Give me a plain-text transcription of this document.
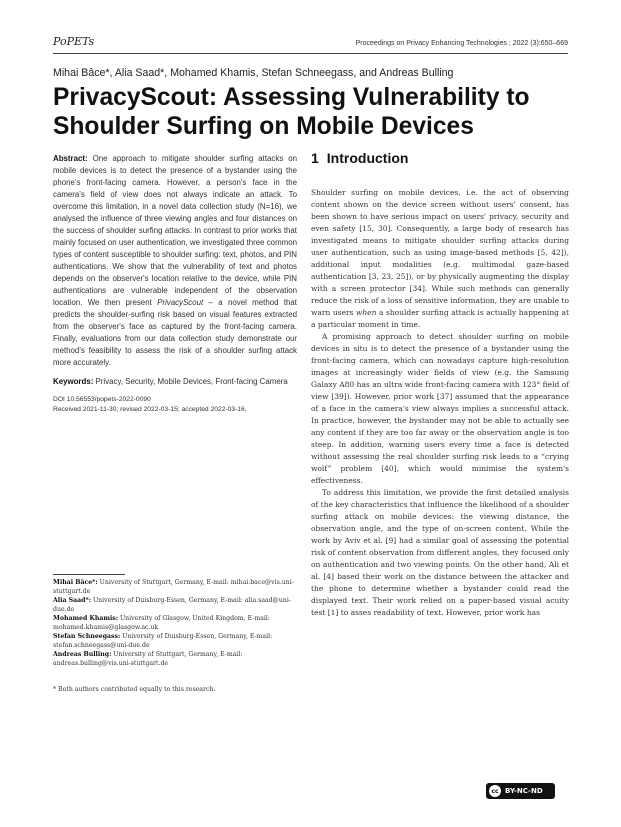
PoPETs	Proceedings on Privacy Enhancing Technologies ; 2022 (3):650–669
Mihai Bâce*, Alia Saad*, Mohamed Khamis, Stefan Schneegass, and Andreas Bulling
PrivacyScout: Assessing Vulnerability to
Shoulder Surfing on Mobile Devices

Abstract: One approach to mitigate shoulder surfing attacks on mobile devices is to detect the presence of a bystander using the phone's front-facing camera. However, a person's face in the camera's field of view does not always indicate an attack. To overcome this limitation, in a novel data collection study (N=16), we analysed the influence of three viewing angles and four distances on the success of shoulder surfing attacks. In contrast to prior works that mainly focused on user authentication, we investigated three common types of content susceptible to shoulder surfing: text, photos, and PIN authentications. We show that the vulnerability of text and photos depends on the observer's location relative to the device, while PIN authentications are vulnerable independent of the observation location. We then present PrivacyScout – a novel method that predicts the shoulder-surfing risk based on visual features extracted from the observer's face as captured by the front-facing camera. Finally, evaluations from our data collection study demonstrate our method's feasibility to assess the risk of a shoulder surfing attack more accurately.

Keywords: Privacy, Security, Mobile Devices, Front-facing Camera

DOI 10.56553/popets-2022-0090
Received 2021-11-30; revised 2022-03-15; accepted 2022-03-16.

Mihai Bâce*: University of Stuttgart, Germany, E-mail: mihai.bace@vis.uni-stuttgart.de

Alia Saad*: University of Duisburg-Essen, Germany, E-mail: alia.saad@uni-due.de

Mohamed Khamis: University of Glasgow, United Kingdom, E-mail: mohamed.khamis@glasgow.ac.uk

Stefan Schneegass: University of Duisburg-Essen, Germany, E-mail: stefan.schneegass@uni-due.de

Andreas Bulling: University of Stuttgart, Germany, E-mail: andreas.bulling@vis.uni-stuttgart.de

* Both authors contributed equally to this research.
1 Introduction

Shoulder surfing on mobile devices, i.e. the act of observing content shown on the device screen without users' consent, has been shown to have serious impact on users' privacy, security and even safety [15, 30]. Consequently, a large body of research has investigated means to mitigate shoulder surfing attacks during user authentication, such as using image-based methods [5, 42]), additional input modalities (e.g. multimodal gaze-based authentication [3, 23, 25]), or by physically augmenting the display with a screen protector [34]. While such methods can generally reduce the risk of a loss of sensitive information, they are unable to warn users when a shoulder surfing attack is actually happening at a particular moment in time.

A promising approach to detect shoulder surfing on mobile devices in situ is to detect the presence of a bystander using the front-facing camera, which can nowadays capture high-resolution images at increasingly wider fields of view (e.g. the Samsung Galaxy A80 has an ultra wide front-facing camera with 123° field of view [39]). However, prior work [37] assumed that the appearance of a face in the camera's view always implies a successful attack. In practice, however, the bystander may not be able to actually see any content if they are too far away or the observation angle is too steep. In addition, warning users every time a face is detected without assessing the real shoulder surfing risk leads to a “crying wolf” problem [40], which would minimise the system's effectiveness.

To address this limitation, we provide the first detailed analysis of the key characteristics that influence the likelihood of a shoulder surfing attack on mobile devices: the viewing distance, the observation angle, and the type of on-screen content. While the work by Aviv et al. [9] had a similar goal of assessing the potential risk of content observation from different angles, they focused only on authentication and two viewing points. On the other hand, Ali et al. [4] based their work on the distance between the attacker and the phone to determine whether a bystander could read the displayed text. Their work relied on a paper-based visual acuity test [1] to asses readability of text. However, prior work has

cc BY-NC-ND
